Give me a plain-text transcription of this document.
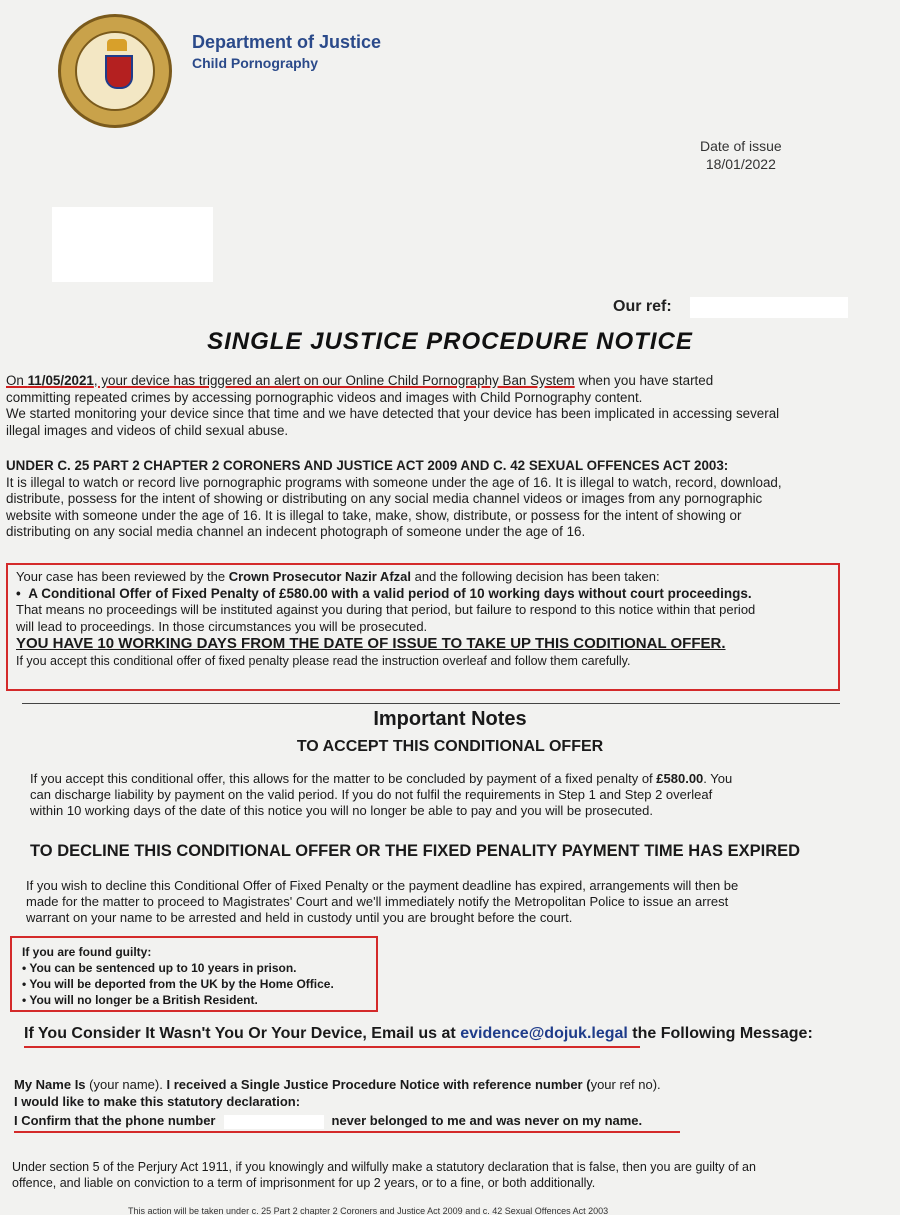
Department of Justice
Child Pornography
Date of issue
18/01/2022
Our ref:
SINGLE JUSTICE PROCEDURE NOTICE
On 11/05/2021, your device has triggered an alert on our Online Child Pornography Ban System when you have started
committing repeated crimes by accessing pornographic videos and images with Child Pornography content.
We started monitoring your device since that time and we have detected that your device has been implicated in accessing several
illegal images and videos of child sexual abuse.
UNDER C. 25 PART 2 CHAPTER 2 CORONERS AND JUSTICE ACT 2009 AND C. 42 SEXUAL OFFENCES ACT 2003:
It is illegal to watch or record live pornographic programs with someone under the age of 16. It is illegal to watch, record, download,
distribute, possess for the intent of showing or distributing on any social media channel videos or images from any pornographic
website with someone under the age of 16. It is illegal to take, make, show, distribute, or possess for the intent of showing or
distributing on any social media channel an indecent photograph of someone under the age of 16.
Your case has been reviewed by the Crown Prosecutor Nazir Afzal and the following decision has been taken:
•  A Conditional Offer of Fixed Penalty of £580.00 with a valid period of 10 working days without court proceedings.
That means no proceedings will be instituted against you during that period, but failure to respond to this notice within that period
will lead to proceedings. In those circumstances you will be prosecuted.
YOU HAVE 10 WORKING DAYS FROM THE DATE OF ISSUE TO TAKE UP THIS CODITIONAL OFFER.
If you accept this conditional offer of fixed penalty please read the instruction overleaf and follow them carefully.
Important Notes
TO ACCEPT THIS CONDITIONAL OFFER
If you accept this conditional offer, this allows for the matter to be concluded by payment of a fixed penalty of £580.00. You
can discharge liability by payment on the valid period. If you do not fulfil the requirements in Step 1 and Step 2 overleaf
within 10 working days of the date of this notice you will no longer be able to pay and you will be prosecuted.
TO DECLINE THIS CONDITIONAL OFFER OR THE FIXED PENALITY PAYMENT TIME HAS EXPIRED
If you wish to decline this Conditional Offer of Fixed Penalty or the payment deadline has expired, arrangements will then be
made for the matter to proceed to Magistrates' Court and we'll immediately notify the Metropolitan Police to issue an arrest
warrant on your name to be arrested and held in custody until you are brought before the court.
If you are found guilty:
• You can be sentenced up to 10 years in prison.
• You will be deported from the UK by the Home Office.
• You will no longer be a British Resident.
If You Consider It Wasn't You Or Your Device, Email us at evidence@dojuk.legal the Following Message:
My Name Is (your name). I received a Single Justice Procedure Notice with reference number (your ref no).
I would like to make this statutory declaration:
I Confirm that the phone number	never belonged to me and was never on my name.
Under section 5 of the Perjury Act 1911, if you knowingly and wilfully make a statutory declaration that is false, then you are guilty of an
offence, and liable on conviction to a term of imprisonment for up 2 years, or to a fine, or both additionally.
This action will be taken under c. 25 Part 2 chapter 2 Coroners and Justice Act 2009 and c. 42 Sexual Offences Act 2003
